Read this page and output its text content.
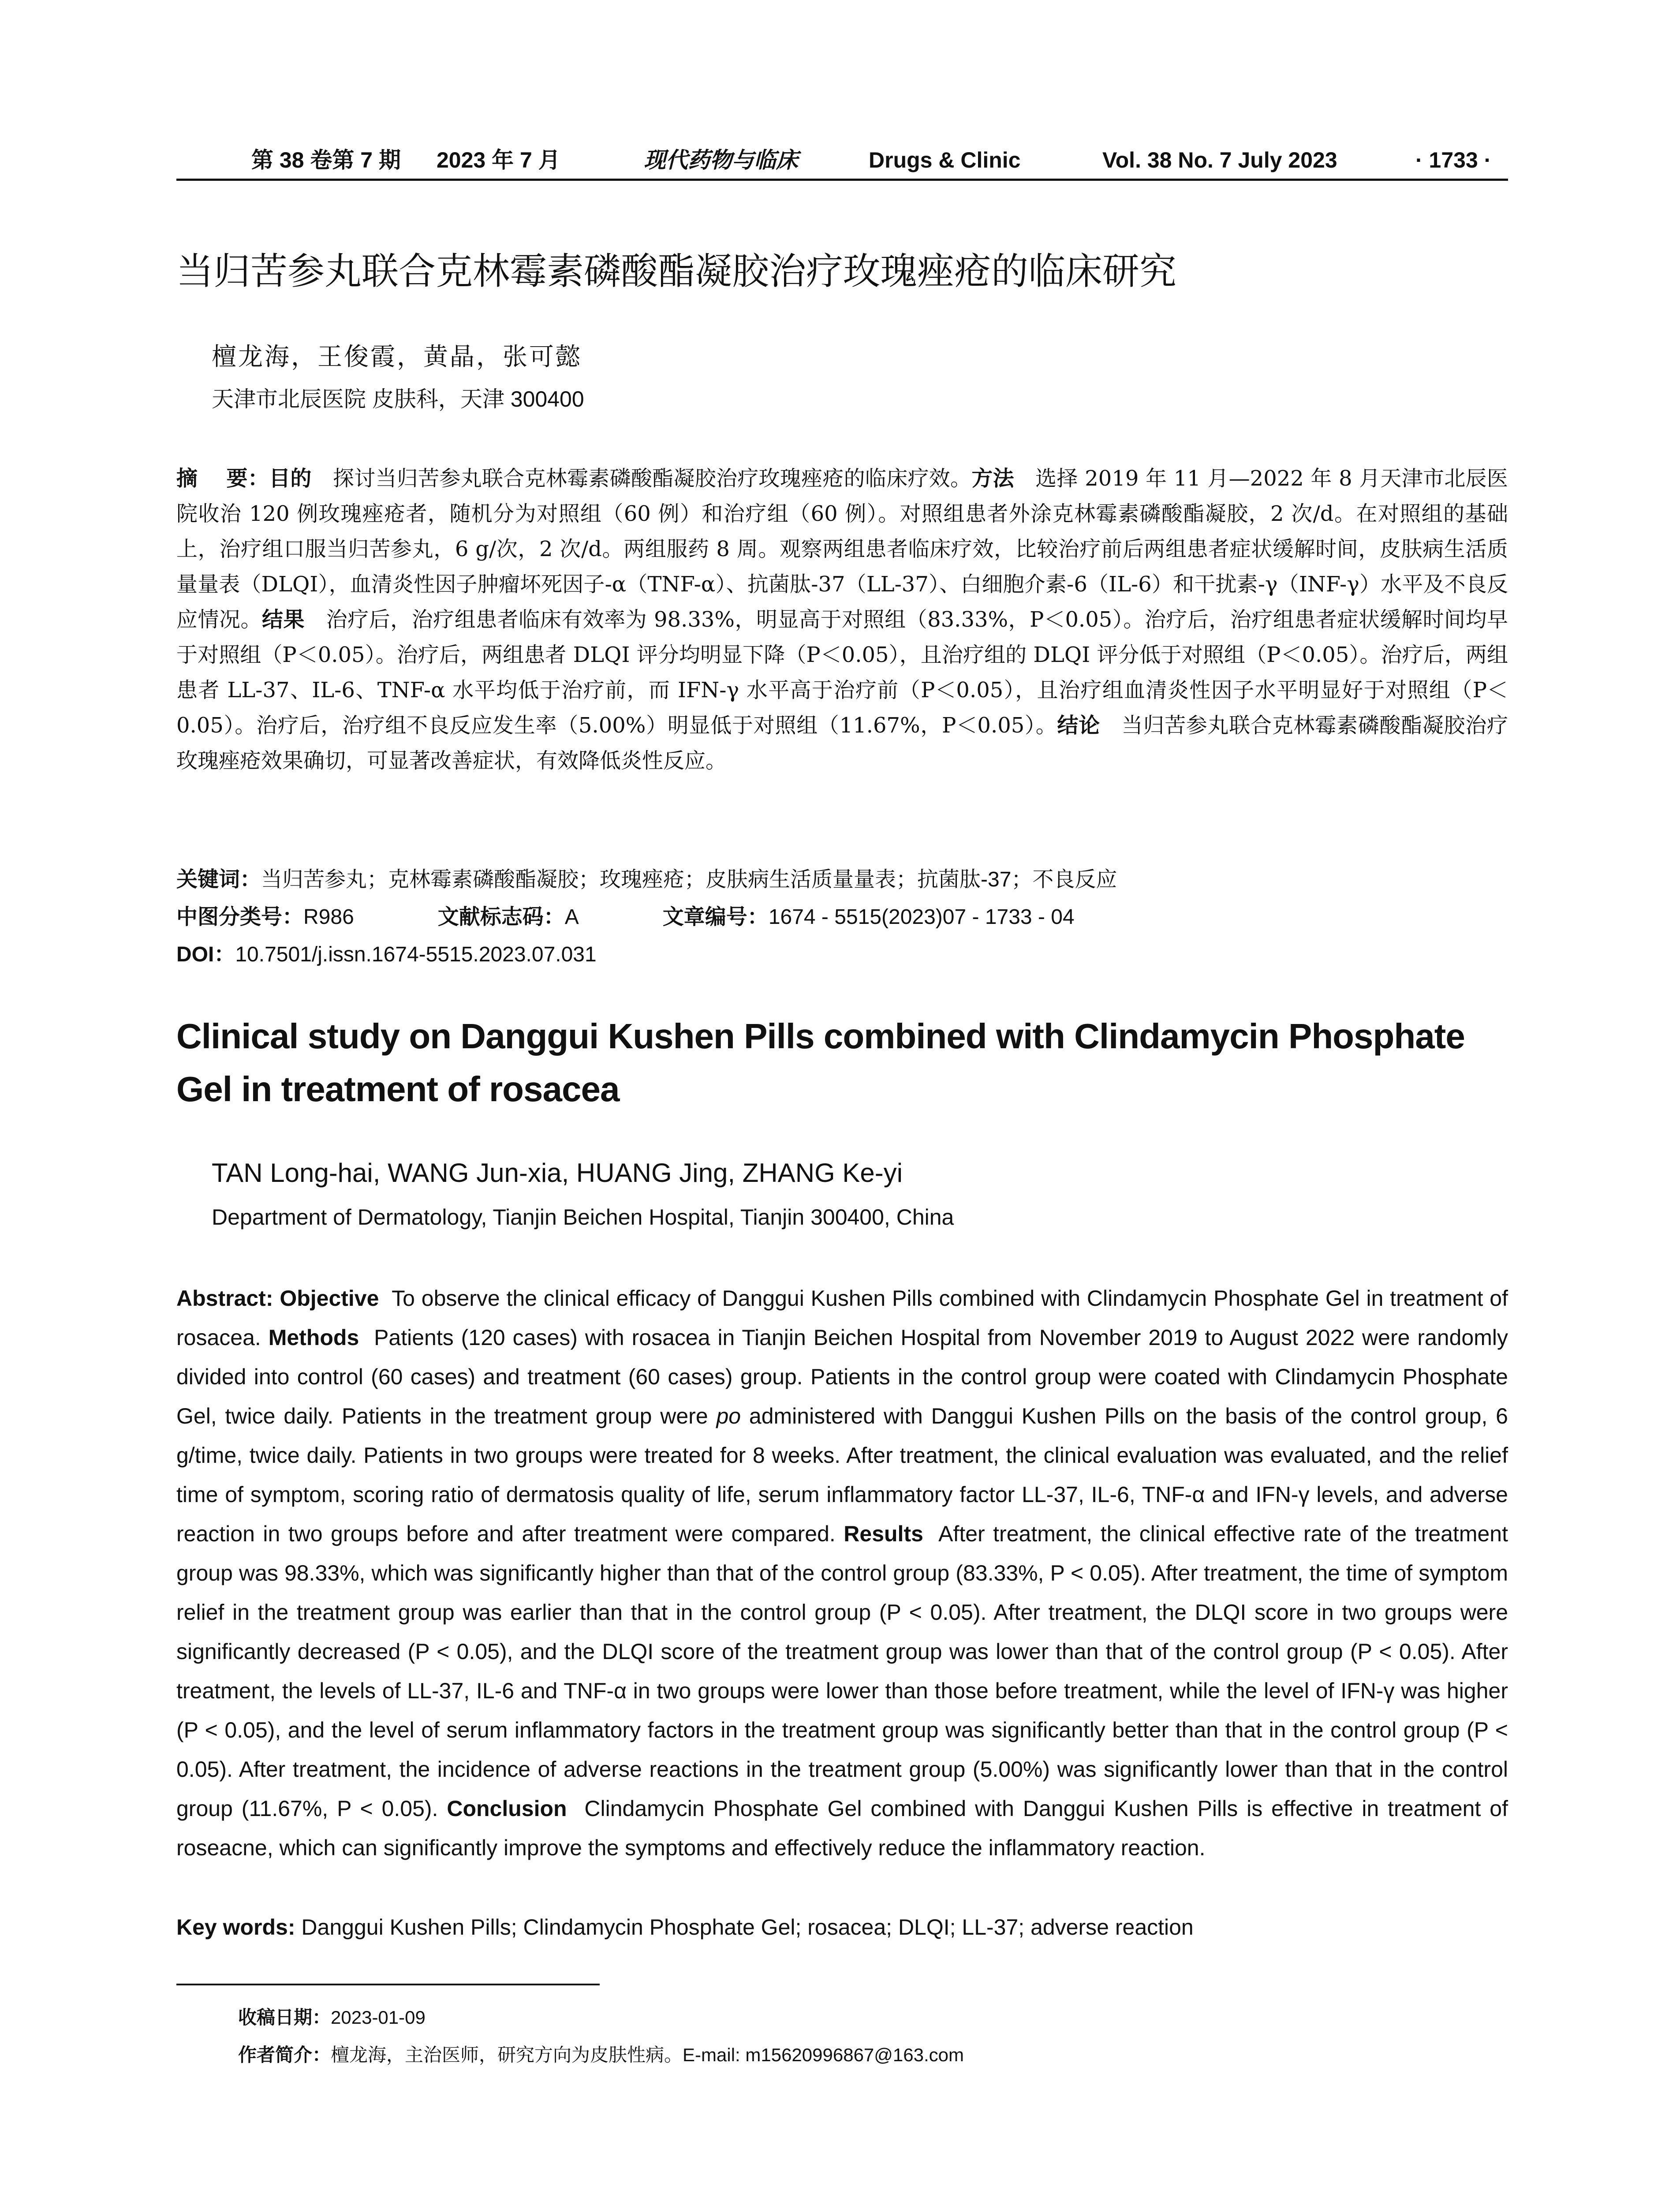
第 38 卷第 7 期 2023 年 7 月	现代药物与临床	Drugs & Clinic	Vol. 38 No. 7 July 2023	· 1733 ·
当归苦参丸联合克林霉素磷酸酯凝胶治疗玫瑰痤疮的临床研究
檀龙海，王俊霞，黄晶，张可懿
天津市北辰医院 皮肤科，天津 300400
摘　 要：目的　 探讨当归苦参丸联合克林霉素磷酸酯凝胶治疗玫瑰痤疮的临床疗效。方法　 选择 2019 年 11 月—2022 年 8 月天津市北辰医院收治 120 例玫瑰痤疮者，随机分为对照组（60 例）和治疗组（60 例）。对照组患者外涂克林霉素磷酸酯凝胶，2 次/d。在对照组的基础上，治疗组口服当归苦参丸，6 g/次，2 次/d。两组服药 8 周。观察两组患者临床疗效，比较治疗前后两组患者症状缓解时间，皮肤病生活质量量表（DLQI），血清炎性因子肿瘤坏死因子-α（TNF-α）、抗菌肽-37（LL-37）、白细胞介素-6（IL-6）和干扰素-γ（INF-γ）水平及不良反应情况。结果　 治疗后，治疗组患者临床有效率为 98.33%，明显高于对照组（83.33%，P＜0.05）。治疗后，治疗组患者症状缓解时间均早于对照组（P＜0.05）。治疗后，两组患者 DLQI 评分均明显下降（P＜0.05），且治疗组的 DLQI 评分低于对照组（P＜0.05）。治疗后，两组患者 LL-37、IL-6、TNF-α 水平均低于治疗前，而 IFN-γ 水平高于治疗前（P＜0.05），且治疗组血清炎性因子水平明显好于对照组（P＜0.05）。治疗后，治疗组不良反应发生率（5.00%）明显低于对照组（11.67%，P＜0.05）。结论　 当归苦参丸联合克林霉素磷酸酯凝胶治疗玫瑰痤疮效果确切，可显著改善症状，有效降低炎性反应。
关键词：当归苦参丸；克林霉素磷酸酯凝胶；玫瑰痤疮；皮肤病生活质量量表；抗菌肽-37；不良反应
中图分类号：R986	文献标志码：A	文章编号：1674 - 5515(2023)07 - 1733 - 04
DOI：10.7501/j.issn.1674-5515.2023.07.031
Clinical study on Danggui Kushen Pills combined with Clindamycin Phosphate Gel in treatment of rosacea
TAN Long-hai, WANG Jun-xia, HUANG Jing, ZHANG Ke-yi
Department of Dermatology, Tianjin Beichen Hospital, Tianjin 300400, China
Abstract: Objective To observe the clinical efficacy of Danggui Kushen Pills combined with Clindamycin Phosphate Gel in treatment of rosacea. Methods Patients (120 cases) with rosacea in Tianjin Beichen Hospital from November 2019 to August 2022 were randomly divided into control (60 cases) and treatment (60 cases) group. Patients in the control group were coated with Clindamycin Phosphate Gel, twice daily. Patients in the treatment group were po administered with Danggui Kushen Pills on the basis of the control group, 6 g/time, twice daily. Patients in two groups were treated for 8 weeks. After treatment, the clinical evaluation was evaluated, and the relief time of symptom, scoring ratio of dermatosis quality of life, serum inflammatory factor LL-37, IL-6, TNF-α and IFN-γ levels, and adverse reaction in two groups before and after treatment were compared. Results After treatment, the clinical effective rate of the treatment group was 98.33%, which was significantly higher than that of the control group (83.33%, P < 0.05). After treatment, the time of symptom relief in the treatment group was earlier than that in the control group (P < 0.05). After treatment, the DLQI score in two groups were significantly decreased (P < 0.05), and the DLQI score of the treatment group was lower than that of the control group (P < 0.05). After treatment, the levels of LL-37, IL-6 and TNF-α in two groups were lower than those before treatment, while the level of IFN-γ was higher (P < 0.05), and the level of serum inflammatory factors in the treatment group was significantly better than that in the control group (P < 0.05). After treatment, the incidence of adverse reactions in the treatment group (5.00%) was significantly lower than that in the control group (11.67%, P < 0.05). Conclusion Clindamycin Phosphate Gel combined with Danggui Kushen Pills is effective in treatment of roseacne, which can significantly improve the symptoms and effectively reduce the inflammatory reaction.
Key words: Danggui Kushen Pills; Clindamycin Phosphate Gel; rosacea; DLQI; LL-37; adverse reaction
收稿日期：2023-01-09
作者简介：檀龙海，主治医师，研究方向为皮肤性病。E-mail: m15620996867@163.com
